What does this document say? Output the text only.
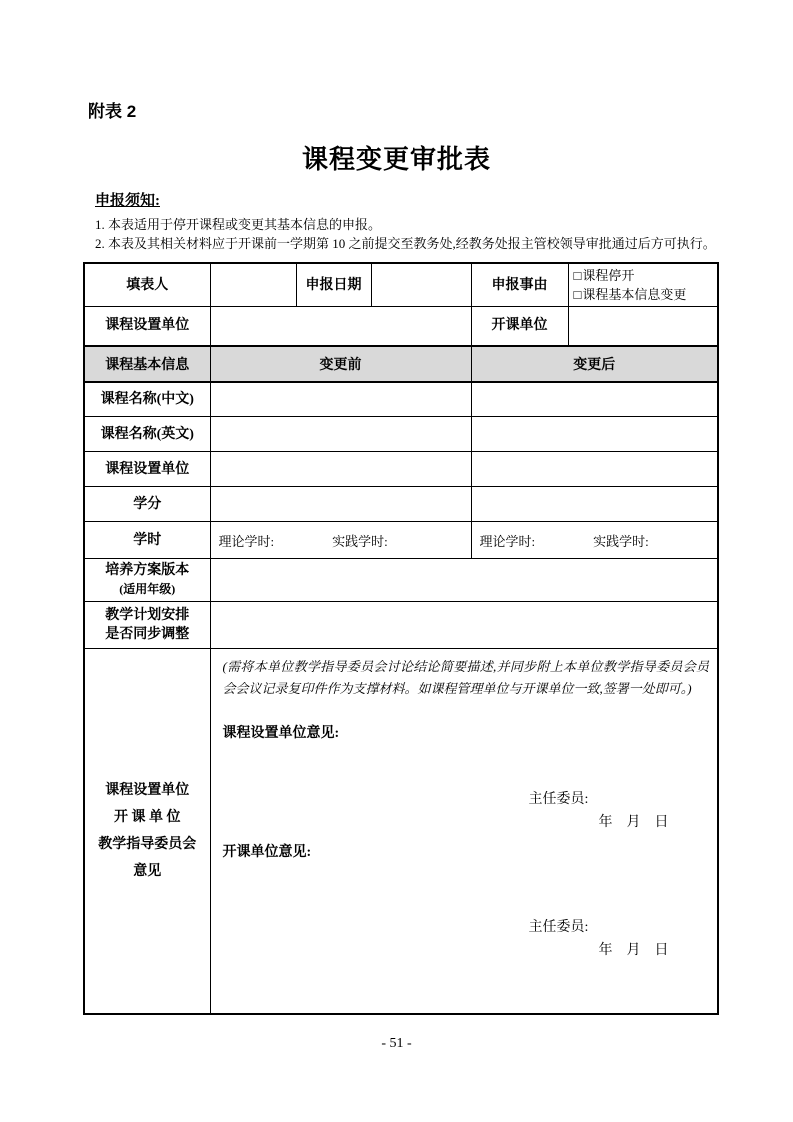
附表 2
课程变更审批表
申报须知:
1. 本表适用于停开课程或变更其基本信息的申报。
2. 本表及其相关材料应于开课前一学期第 10 之前提交至教务处,经教务处报主管校领导审批通过后方可执行。
填表人		申报日期		申报事由	□课程停开
□课程基本信息变更

课程设置单位				开课单位	
课程基本信息	变更前			变更后	
课程名称(中文)					
课程名称(英文)					
课程设置单位					
学分					
学时	理论学时: 实践学时:			理论学时: 实践学时:	

培养方案版本
(适用年级)					

教学计划安排
是否同步调整					

课程设置单位
开 课 单 位
教学指导委员会
意见

(需将本单位教学指导委员会讨论结论简要描述,并同步附上本单位教学指导委员会员会会议记录复印件作为支撑材料。如课程管理单位与开课单位一致,签署一处即可。)
课程设置单位意见:
主任委员:
年    月    日
开课单位意见:
主任委员:
年    月    日
- 51 -
